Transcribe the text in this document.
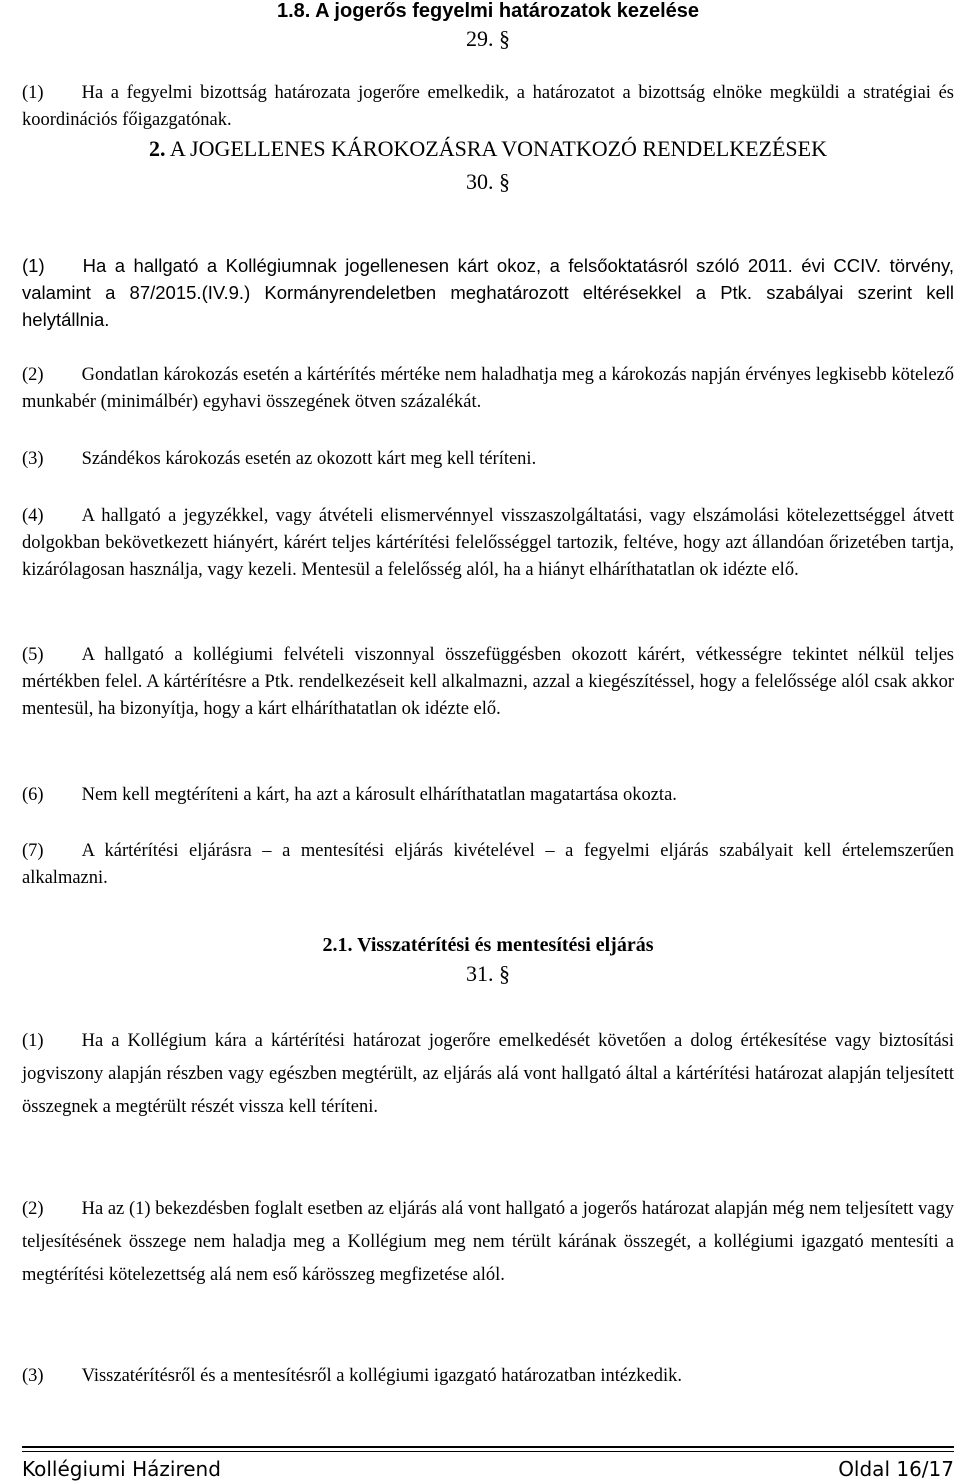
1.8. A jogerős fegyelmi határozatok kezelése

29. §

(1) Ha a fegyelmi bizottság határozata jogerőre emelkedik, a határozatot a bizottság elnöke megküldi a stratégiai és koordinációs főigazgatónak.

2. A JOGELLENES KÁROKOZÁSRA VONATKOZÓ RENDELKEZÉSEK

30. §

(1) Ha a hallgató a Kollégiumnak jogellenesen kárt okoz, a felsőoktatásról szóló 2011. évi CCIV. törvény, valamint a 87/2015.(IV.9.) Kormányrendeletben meghatározott eltérésekkel a Ptk. szabályai szerint kell helytállnia.

(2) Gondatlan károkozás esetén a kártérítés mértéke nem haladhatja meg a károkozás napján érvényes legkisebb kötelező munkabér (minimálbér) egyhavi összegének ötven százalékát.

(3) Szándékos károkozás esetén az okozott kárt meg kell téríteni.

(4) A hallgató a jegyzékkel, vagy átvételi elismervénnyel visszaszolgáltatási, vagy elszámolási kötelezettséggel átvett dolgokban bekövetkezett hiányért, kárért teljes kártérítési felelősséggel tartozik, feltéve, hogy azt állandóan őrizetében tartja, kizárólagosan használja, vagy kezeli. Mentesül a felelősség alól, ha a hiányt elháríthatatlan ok idézte elő.

(5) A hallgató a kollégiumi felvételi viszonnyal összefüggésben okozott kárért, vétkességre tekintet nélkül teljes mértékben felel. A kártérítésre a Ptk. rendelkezéseit kell alkalmazni, azzal a kiegészítéssel, hogy a felelőssége alól csak akkor mentesül, ha bizonyítja, hogy a kárt elháríthatatlan ok idézte elő.

(6) Nem kell megtéríteni a kárt, ha azt a károsult elháríthatatlan magatartása okozta.

(7) A kártérítési eljárásra – a mentesítési eljárás kivételével – a fegyelmi eljárás szabályait kell értelemszerűen alkalmazni.

2.1. Visszatérítési és mentesítési eljárás

31. §

(1) Ha a Kollégium kára a kártérítési határozat jogerőre emelkedését követően a dolog értékesítése vagy biztosítási jogviszony alapján részben vagy egészben megtérült, az eljárás alá vont hallgató által a kártérítési határozat alapján teljesített összegnek a megtérült részét vissza kell téríteni.

(2) Ha az (1) bekezdésben foglalt esetben az eljárás alá vont hallgató a jogerős határozat alapján még nem teljesített vagy teljesítésének összege nem haladja meg a Kollégium meg nem térült kárának összegét, a kollégiumi igazgató mentesíti a megtérítési kötelezettség alá nem eső kárösszeg megfizetése alól.

(3) Visszatérítésről és a mentesítésről a kollégiumi igazgató határozatban intézkedik.

Kollégiumi Házirend	Oldal 16/17
